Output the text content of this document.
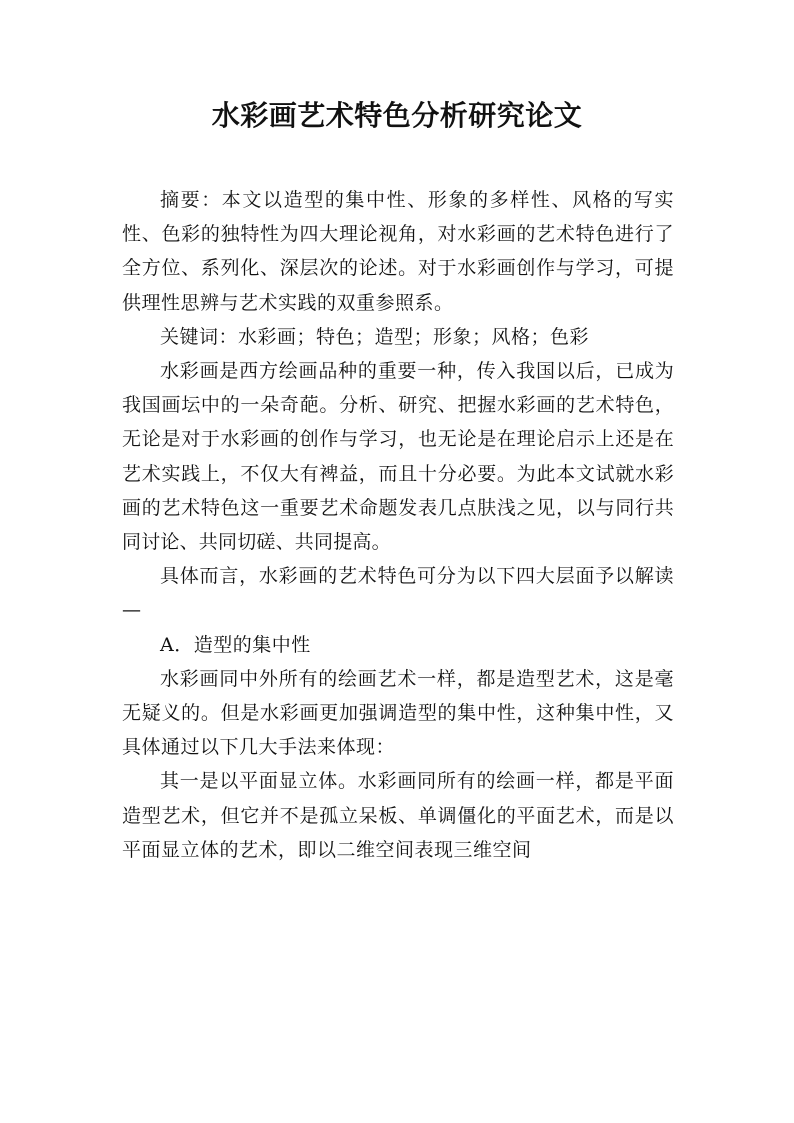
水彩画艺术特色分析研究论文

摘要：本文以造型的集中性、形象的多样性、风格的写实性、色彩的独特性为四大理论视角，对水彩画的艺术特色进行了全方位、系列化、深层次的论述。对于水彩画创作与学习，可提供理性思辨与艺术实践的双重参照系。

关键词：水彩画；特色；造型；形象；风格；色彩

水彩画是西方绘画品种的重要一种，传入我国以后，已成为我国画坛中的一朵奇葩。分析、研究、把握水彩画的艺术特色，无论是对于水彩画的创作与学习，也无论是在理论启示上还是在艺术实践上，不仅大有裨益，而且十分必要。为此本文试就水彩画的艺术特色这一重要艺术命题发表几点肤浅之见，以与同行共同讨论、共同切磋、共同提高。

具体而言，水彩画的艺术特色可分为以下四大层面予以解读—

A．造型的集中性

水彩画同中外所有的绘画艺术一样，都是造型艺术，这是毫无疑义的。但是水彩画更加强调造型的集中性，这种集中性，又具体通过以下几大手法来体现：

其一是以平面显立体。水彩画同所有的绘画一样，都是平面造型艺术，但它并不是孤立呆板、单调僵化的平面艺术，而是以平面显立体的艺术，即以二维空间表现三维空间
